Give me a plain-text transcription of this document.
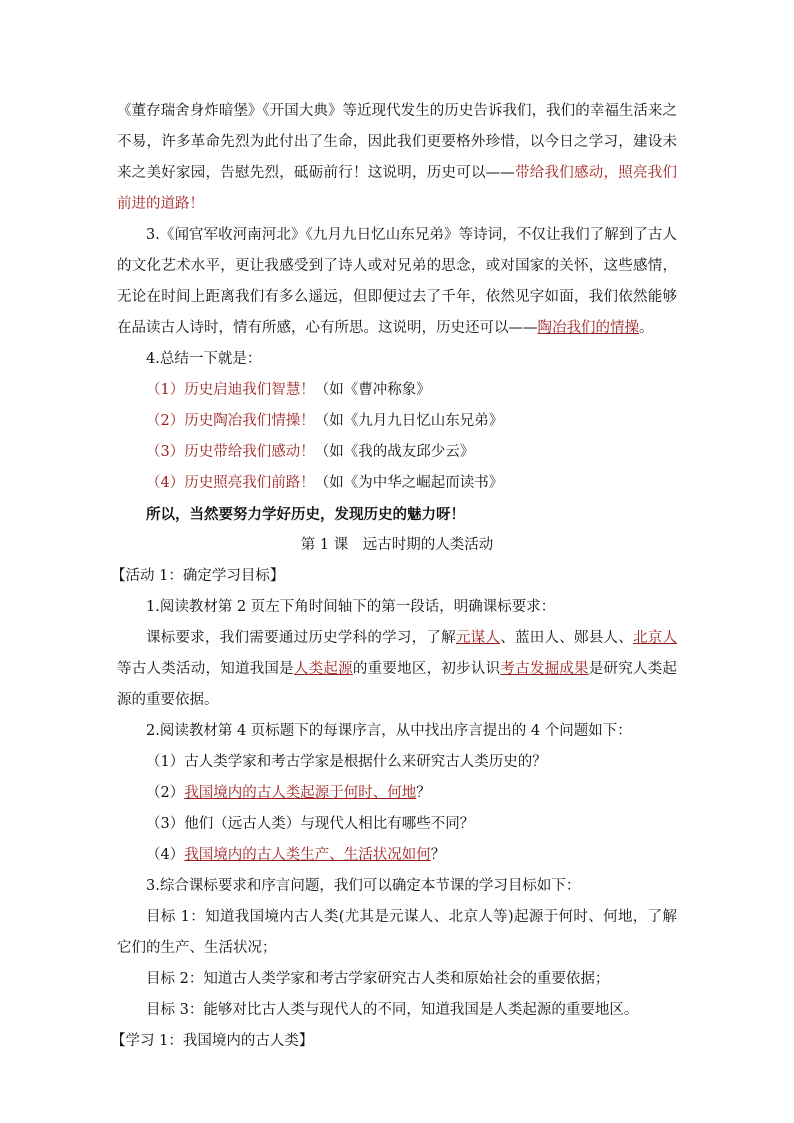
《董存瑞舍身炸暗堡》《开国大典》等近现代发生的历史告诉我们，我们的幸福生活来之不易，许多革命先烈为此付出了生命，因此我们更要格外珍惜，以今日之学习，建设未来之美好家园，告慰先烈，砥砺前行！这说明，历史可以——带给我们感动，照亮我们前进的道路！

3.《闻官军收河南河北》《九月九日忆山东兄弟》等诗词，不仅让我们了解到了古人的文化艺术水平，更让我感受到了诗人或对兄弟的思念，或对国家的关怀，这些感情，无论在时间上距离我们有多么遥远，但即便过去了千年，依然见字如面，我们依然能够在品读古人诗时，情有所感，心有所思。这说明，历史还可以——陶冶我们的情操。

4.总结一下就是：

（1）历史启迪我们智慧！（如《曹冲称象》

（2）历史陶冶我们情操！（如《九月九日忆山东兄弟》

（3）历史带给我们感动！（如《我的战友邱少云》

（4）历史照亮我们前路！（如《为中华之崛起而读书》

所以，当然要努力学好历史，发现历史的魅力呀！

第 1 课　远古时期的人类活动

【活动 1：确定学习目标】

1.阅读教材第 2 页左下角时间轴下的第一段话，明确课标要求：

课标要求，我们需要通过历史学科的学习，了解元谋人、蓝田人、郧县人、北京人等古人类活动，知道我国是人类起源的重要地区，初步认识考古发掘成果是研究人类起源的重要依据。

2.阅读教材第 4 页标题下的每课序言，从中找出序言提出的 4 个问题如下：

（1）古人类学家和考古学家是根据什么来研究古人类历史的？

（2）我国境内的古人类起源于何时、何地？

（3）他们（远古人类）与现代人相比有哪些不同？

（4）我国境内的古人类生产、生活状况如何？

3.综合课标要求和序言问题，我们可以确定本节课的学习目标如下：

目标 1：知道我国境内古人类(尤其是元谋人、北京人等)起源于何时、何地，了解它们的生产、生活状况；

目标 2：知道古人类学家和考古学家研究古人类和原始社会的重要依据；

目标 3：能够对比古人类与现代人的不同，知道我国是人类起源的重要地区。

【学习 1：我国境内的古人类】
